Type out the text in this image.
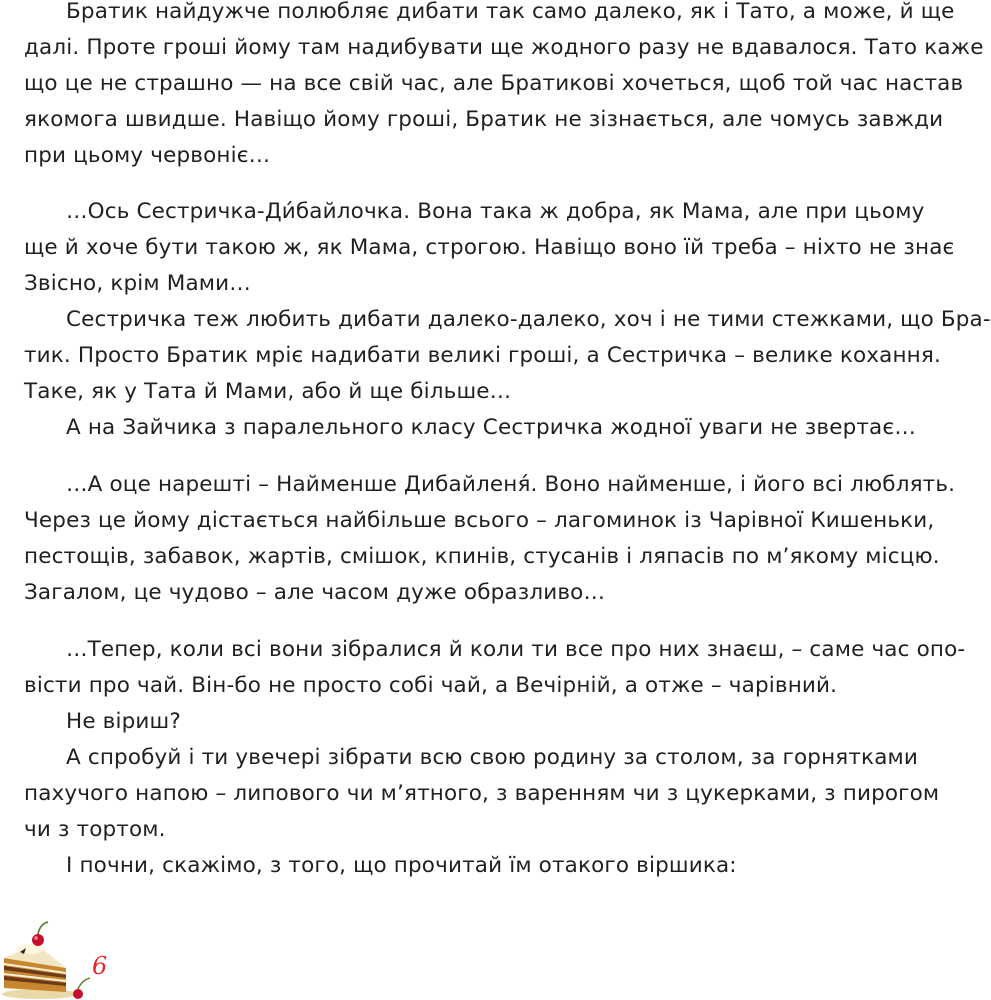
Братик найдужче полюбляє дибати так само далеко, як і Тато, а може, й ще
далі. Проте гроші йому там надибувати ще жодного разу не вдавалося. Тато каже
що це не страшно — на все свій час, але Братикові хочеться, щоб той час настав
якомога швидше. Навіщо йому гроші, Братик не зізнається, але чомусь завжди
при цьому червоніє…
…Ось Сестричка-Ди́байлочка. Вона така ж добра, як Мама, але при цьому
ще й хоче бути такою ж, як Мама, строгою. Навіщо воно їй треба – ніхто не знає
Звісно, крім Мами…
Сестричка теж любить дибати далеко-далеко, хоч і не тими стежками, що Бра-
тик. Просто Братик мріє надибати великі гроші, а Сестричка – велике кохання.
Таке, як у Тата й Мами, або й ще більше…
А на Зайчика з паралельного класу Сестричка жодної уваги не звертає…
…А оце нарешті – Найменше Дибайленя́. Воно найменше, і його всі люблять.
Через це йому дістається найбільше всього – лагоминок із Чарівної Кишеньки,
пестощів, забавок, жартів, смішок, кпинів, стусанів і ляпасів по м’якому місцю.
Загалом, це чудово – але часом дуже образливо…
…Тепер, коли всі вони зібралися й коли ти все про них знаєш, – саме час опо-
вісти про чай. Він-бо не просто собі чай, а Вечірній, а отже – чарівний.
Не віриш?
А спробуй і ти увечері зібрати всю свою родину за столом, за горнятками
пахучого напою – липового чи м’ятного, з варенням чи з цукерками, з пирогом
чи з тортом.
І почни, скажімо, з того, що прочитай їм отакого віршика:
6
